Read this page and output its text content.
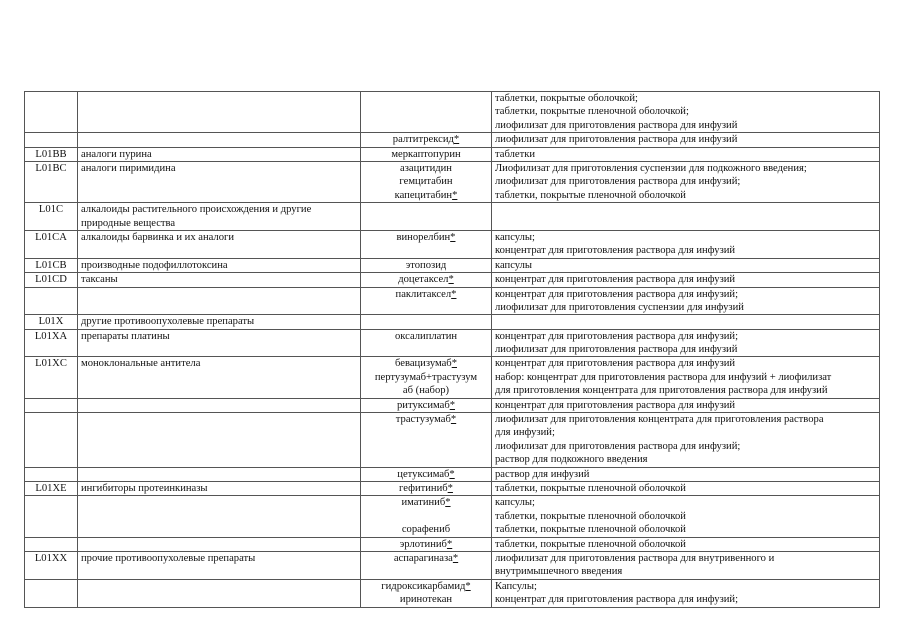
			таблетки, покрытые оболочкой;
таблетки, покрытые пленочной оболочкой;
лиофилизат для приготовления раствора для инфузий

		ралтитрексид*	лиофилизат для приготовления раствора для инфузий

L01BB	аналоги пурина	меркаптопурин	таблетки

L01BC	аналоги пиримидина	азацитидин
гемцитабин
капецитабин*	Лиофилизат для приготовления суспензии для подкожного введения;
лиофилизат для приготовления раствора для инфузий;
таблетки, покрытые пленочной оболочкой

L01C	алкалоиды растительного происхождения и другие
природные вещества		

L01CA	алкалоиды барвинка и их аналоги	винорелбин*	капсулы;
концентрат для приготовления раствора для инфузий

L01CB	производные подофиллотоксина	этопозид	капсулы

L01CD	таксаны	доцетаксел*	концентрат для приготовления раствора для инфузий

		паклитаксел*	концентрат для приготовления раствора для инфузий;
лиофилизат для приготовления суспензии для инфузий

L01X	другие противоопухолевые препараты		

L01XA	препараты платины	оксалиплатин	концентрат для приготовления раствора для инфузий;
лиофилизат для приготовления раствора для инфузий

L01XC	моноклональные антитела	бевацизумаб*
пертузумаб+трастузум
аб (набор)	концентрат для приготовления раствора для инфузий
набор: концентрат для приготовления раствора для инфузий + лиофилизат
для приготовления концентрата для приготовления раствора для инфузий

		ритуксимаб*	концентрат для приготовления раствора для инфузий

		трастузумаб*	лиофилизат для приготовления концентрата для приготовления раствора
для инфузий;
лиофилизат для приготовления раствора для инфузий;
раствор для подкожного введения

		цетуксимаб*	раствор для инфузий

L01XE	ингибиторы протеинкиназы	гефитиниб*	таблетки, покрытые пленочной оболочкой

		иматиниб*
сорафениб	капсулы;
таблетки, покрытые пленочной оболочкой
таблетки, покрытые пленочной оболочкой

		эрлотиниб*	таблетки, покрытые пленочной оболочкой

L01XX	прочие противоопухолевые препараты	аспарагиназа*	лиофилизат для приготовления раствора для внутривенного и
внутримышечного введения

		гидроксикарбамид*
иринотекан	Капсулы;
концентрат для приготовления раствора для инфузий;
